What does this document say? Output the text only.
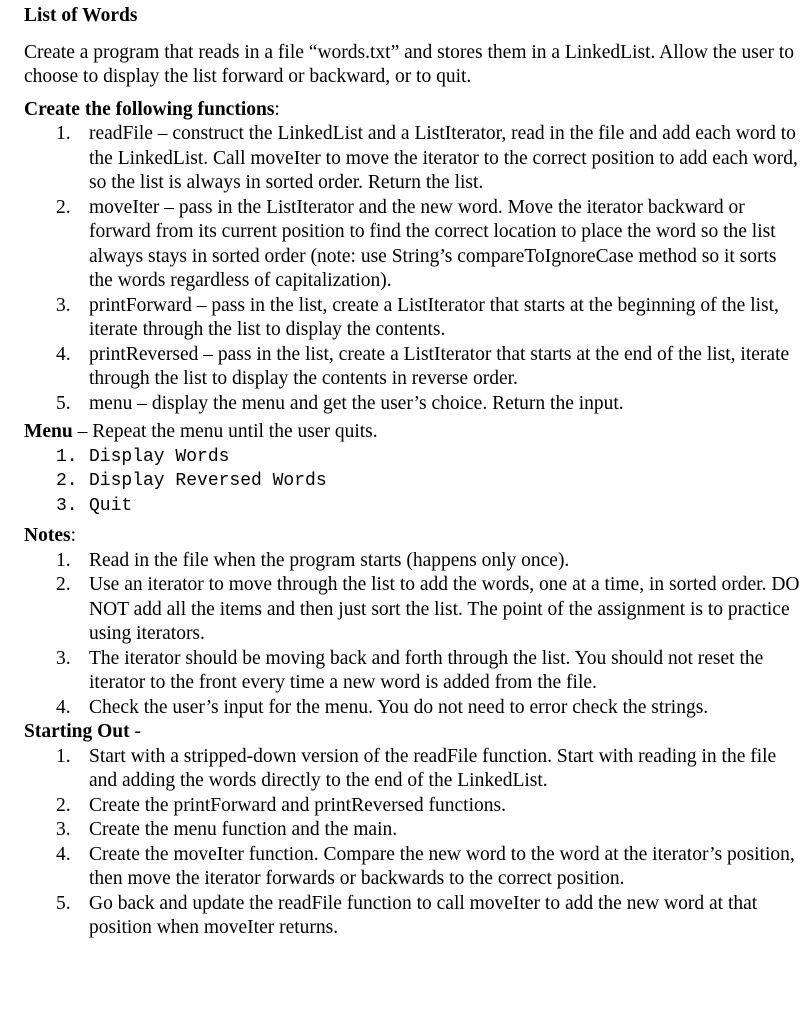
List of Words
Create a program that reads in a file “words.txt” and stores them in a LinkedList. Allow the user to choose to display the list forward or backward, or to quit.
Create the following functions:
1. readFile – construct the LinkedList and a ListIterator, read in the file and add each word to the LinkedList. Call moveIter to move the iterator to the correct position to add each word, so the list is always in sorted order. Return the list.
2. moveIter – pass in the ListIterator and the new word. Move the iterator backward or forward from its current position to find the correct location to place the word so the list always stays in sorted order (note: use String’s compareToIgnoreCase method so it sorts the words regardless of capitalization).
3. printForward – pass in the list, create a ListIterator that starts at the beginning of the list, iterate through the list to display the contents.
4. printReversed – pass in the list, create a ListIterator that starts at the end of the list, iterate through the list to display the contents in reverse order.
5. menu – display the menu and get the user’s choice. Return the input.
Menu – Repeat the menu until the user quits.
1. Display Words
2. Display Reversed Words
3. Quit
Notes:
1. Read in the file when the program starts (happens only once).
2. Use an iterator to move through the list to add the words, one at a time, in sorted order. DO NOT add all the items and then just sort the list. The point of the assignment is to practice using iterators.
3. The iterator should be moving back and forth through the list. You should not reset the iterator to the front every time a new word is added from the file.
4. Check the user’s input for the menu. You do not need to error check the strings.
Starting Out -
1. Start with a stripped-down version of the readFile function. Start with reading in the file and adding the words directly to the end of the LinkedList.
2. Create the printForward and printReversed functions.
3. Create the menu function and the main.
4. Create the moveIter function. Compare the new word to the word at the iterator’s position, then move the iterator forwards or backwards to the correct position.
5. Go back and update the readFile function to call moveIter to add the new word at that position when moveIter returns.
